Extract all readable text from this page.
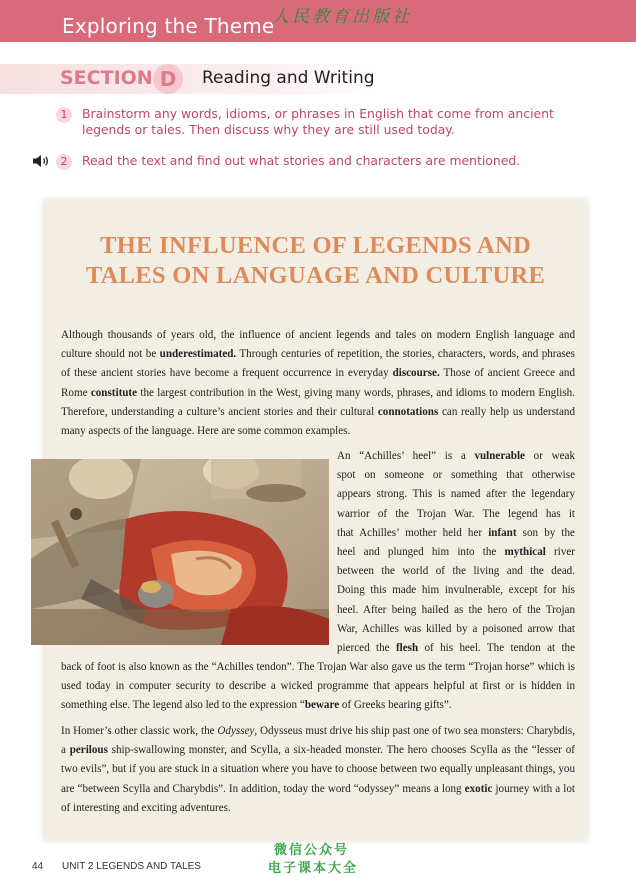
Exploring the Theme
人民教育出版社
SECTION D	Reading and Writing
1	Brainstorm any words, idioms, or phrases in English that come from ancient
legends or tales. Then discuss why they are still used today.
2	Read the text and find out what stories and characters are mentioned.
THE INFLUENCE OF LEGENDS AND
TALES ON LANGUAGE AND CULTURE
Although thousands of years old, the influence of ancient legends and tales on modern English language and culture should not be underestimated. Through centuries of repetition, the stories, characters, words, and phrases of these ancient stories have become a frequent occurrence in everyday discourse. Those of ancient Greece and Rome constitute the largest contribution in the West, giving many words, phrases, and idioms to modern English. Therefore, understanding a culture’s ancient stories and their cultural connotations can really help us understand many aspects of the language. Here are some common examples.
An “Achilles’ heel” is a vulnerable or weak
spot on someone or something that otherwise
appears strong. This is named after the legendary
warrior of the Trojan War. The legend has it
that Achilles’ mother held her infant son by the
heel and plunged him into the mythical river
between the world of the living and the dead.
Doing this made him invulnerable, except for his
heel. After being hailed as the hero of the Trojan
War, Achilles was killed by a poisoned arrow that
pierced the flesh of his heel. The tendon at the
back of foot is also known as the “Achilles tendon”. The Trojan War also gave us the term “Trojan horse” which is used today in computer security to describe a wicked programme that appears helpful at first or is hidden in something else. The legend also led to the expression “beware of Greeks bearing gifts”.
In Homer’s other classic work, the Odyssey, Odysseus must drive his ship past one of two sea monsters: Charybdis, a perilous ship-swallowing monster, and Scylla, a six-headed monster. The hero chooses Scylla as the “lesser of two evils”, but if you are stuck in a situation where you have to choose between two equally unpleasant things, you are “between Scylla and Charybdis”. In addition, today the word “odyssey” means a long exotic journey with a lot of interesting and exciting adventures.
44 UNIT 2 LEGENDS AND TALES
微信公众号
电子课本大全
